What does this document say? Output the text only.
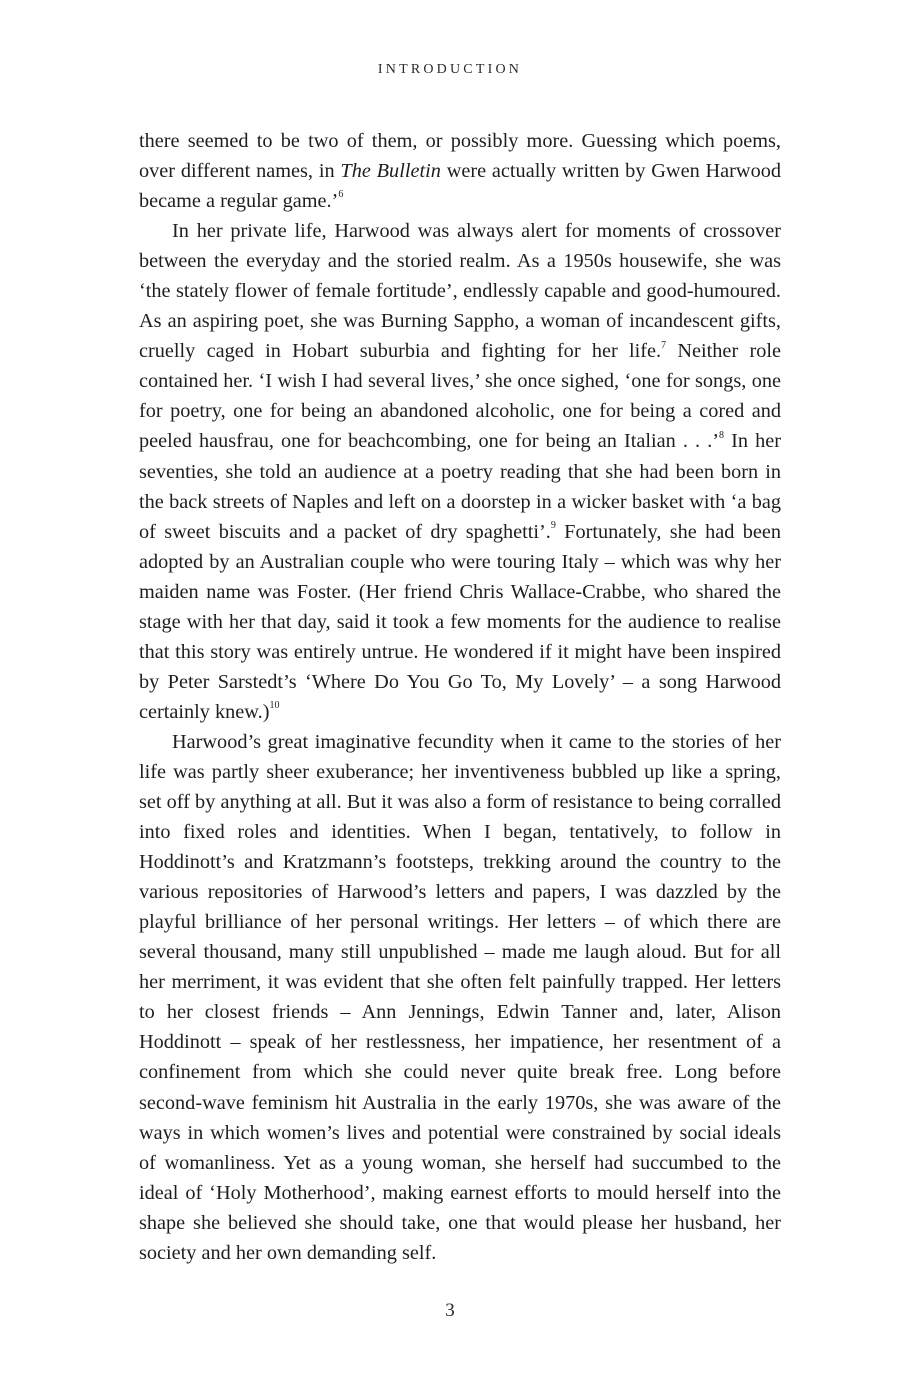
INTRODUCTION

there seemed to be two of them, or possibly more. Guessing which poems, over different names, in The Bulletin were actually written by Gwen Harwood became a regular game.’$^6$

In her private life, Harwood was always alert for moments of crossover between the everyday and the storied realm. As a 1950s housewife, she was ‘the stately flower of female fortitude’, endlessly capable and good-humoured. As an aspiring poet, she was Burning Sappho, a woman of incandescent gifts, cruelly caged in Hobart suburbia and fighting for her life.$^7$ Neither role contained her. ‘I wish I had several lives,’ she once sighed, ‘one for songs, one for poetry, one for being an abandoned alcoholic, one for being a cored and peeled hausfrau, one for beachcombing, one for being an Italian . . .’$^8$ In her seventies, she told an audience at a poetry reading that she had been born in the back streets of Naples and left on a doorstep in a wicker basket with ‘a bag of sweet biscuits and a packet of dry spaghetti’.$^9$ Fortunately, she had been adopted by an Australian couple who were touring Italy – which was why her maiden name was Foster. (Her friend Chris Wallace-Crabbe, who shared the stage with her that day, said it took a few moments for the audience to realise that this story was entirely untrue. He wondered if it might have been inspired by Peter Sarstedt’s ‘Where Do You Go To, My Lovely’ – a song Harwood certainly knew.)$^{10}$

Harwood’s great imaginative fecundity when it came to the stories of her life was partly sheer exuberance; her inventiveness bubbled up like a spring, set off by anything at all. But it was also a form of resistance to being corralled into fixed roles and identities. When I began, tentatively, to follow in Hoddinott’s and Kratzmann’s footsteps, trekking around the country to the various repositories of Harwood’s letters and papers, I was dazzled by the playful brilliance of her personal writings. Her letters – of which there are several thousand, many still unpublished – made me laugh aloud. But for all her merriment, it was evident that she often felt painfully trapped. Her letters to her closest friends – Ann Jennings, Edwin Tanner and, later, Alison Hoddinott – speak of her restlessness, her impatience, her resentment of a confinement from which she could never quite break free. Long before second-wave feminism hit Australia in the early 1970s, she was aware of the ways in which women’s lives and potential were constrained by social ideals of womanliness. Yet as a young woman, she herself had succumbed to the ideal of ‘Holy Motherhood’, making earnest efforts to mould herself into the shape she believed she should take, one that would please her husband, her society and her own demanding self.

3
